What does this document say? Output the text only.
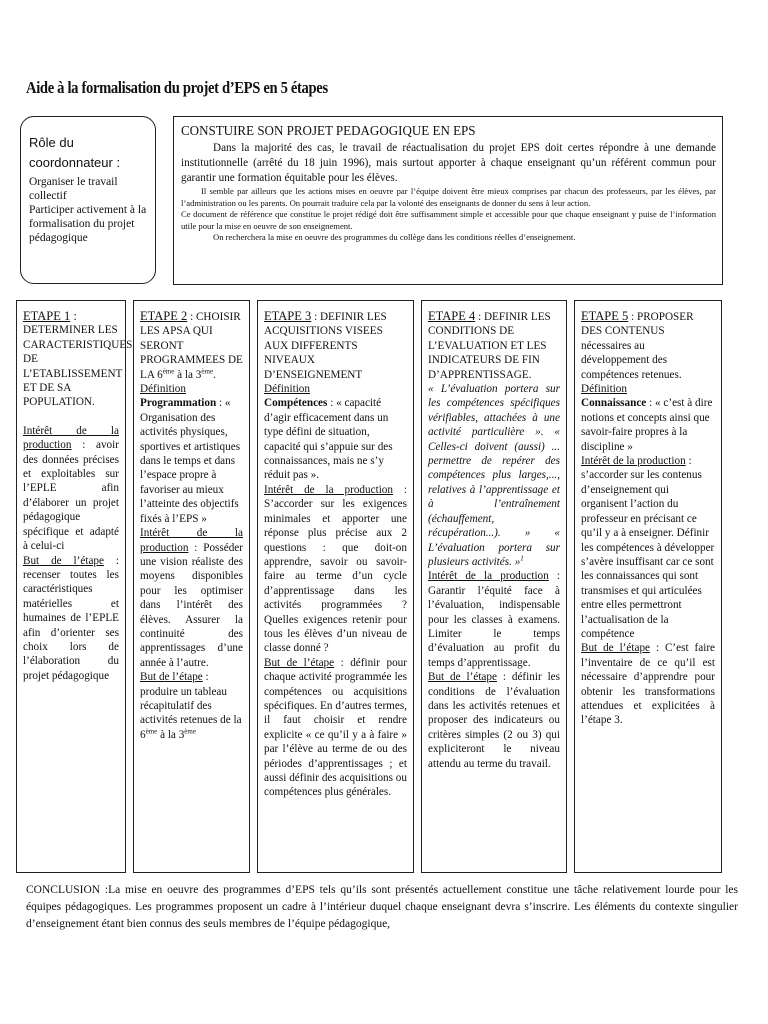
Aide à la formalisation du projet d’EPS en 5 étapes
Rôle du
coordonnateur :
Organiser le travail collectif
Participer activement à la
formalisation du projet
pédagogique
CONSTUIRE SON PROJET PEDAGOGIQUE EN EPS

Dans la majorité des cas, le travail de réactualisation du projet EPS doit certes répondre à une demande institutionnelle (arrêté du 18 juin 1996), mais surtout apporter à chaque enseignant qu’un référent commun pour garantir une formation équitable pour les élèves.

Il semble par ailleurs que les actions mises en oeuvre par l’équipe doivent être mieux comprises par chacun des professeurs, par les élèves, par l’administration ou les parents. On pourrait traduire cela par la volonté des enseignants de donner du sens à leur action.

Ce document de référence que constitue le projet rédigé doit être suffisamment simple et accessible pour que chaque enseignant y puise de l’information utile pour la mise en oeuvre de son enseignement.

On recherchera la mise en oeuvre des programmes du collège dans les conditions réelles d’enseignement.

ETAPE 1 :

DETERMINER LES

CARACTERISTIQUES

DE

L’ETABLISSEMENT

ET DE SA

POPULATION.

Intérêt de la production : avoir des données précises et exploitables sur l’EPLE afin d’élaborer un projet pédagogique spécifique et adapté à celui-ci

But de l’étape : recenser toutes les caractéristiques matérielles et humaines de l’EPLE afin d’orienter ses choix lors de l’élaboration du projet pédagogique

ETAPE 2 : CHOISIR LES APSA QUI SERONT PROGRAMMEES DE LA 6ème à la 3ème.

Définition

Programmation : « Organisation des activités physiques, sportives et artistiques dans le temps et dans l’espace propre à favoriser au mieux l’atteinte des objectifs fixés à l’EPS »

Intérêt de la production : Posséder une vision réaliste des moyens disponibles pour les optimiser dans l’intérêt des élèves. Assurer la continuité des apprentissages d’une année à l’autre.

But de l’étape : produire un tableau récapitulatif des activités retenues de la 6ème à la 3ème

ETAPE 3 : DEFINIR LES ACQUISITIONS VISEES AUX DIFFERENTS NIVEAUX D’ENSEIGNEMENT

Définition

Compétences : « capacité d’agir efficacement dans un type défini de situation, capacité qui s’appuie sur des connaissances, mais ne s’y réduit pas ».

Intérêt de la production : S’accorder sur les exigences minimales et apporter une réponse plus précise aux 2 questions : que doit-on apprendre, savoir ou savoir-faire au terme d’un cycle d’apprentissage dans les activités programmées ? Quelles exigences retenir pour tous les élèves d’un niveau de classe donné ?

But de l’étape : définir pour chaque activité programmée les compétences ou acquisitions spécifiques. En d’autres termes, il faut choisir et rendre explicite « ce qu’il y a à faire » par l’élève au terme de ou des périodes d’apprentissages ; et aussi définir des acquisitions ou compétences plus générales.

ETAPE 4 : DEFINIR LES CONDITIONS DE L’EVALUATION ET LES INDICATEURS DE FIN D’APPRENTISSAGE.

« L’évaluation portera sur les compétences spécifiques vérifiables, attachées à une activité particulière ». « Celles-ci doivent (aussi) ... permettre de repérer des compétences plus larges,..., relatives à l’apprentissage et à l’entraînement (échauffement, récupération...). » « L’évaluation portera sur plusieurs activités. »$^1$

Intérêt de la production : Garantir l’équité face à l’évaluation, indispensable pour les classes à examens. Limiter le temps d’évaluation au profit du temps d’apprentissage.

But de l’étape : définir les conditions de l’évaluation dans les activités retenues et proposer des indicateurs ou critères simples (2 ou 3) qui expliciteront le niveau attendu au terme du travail.

ETAPE 5 : PROPOSER DES CONTENUS nécessaires au développement des compétences retenues.

Définition

Connaissance : « c’est à dire notions et concepts ainsi que savoir-faire propres à la discipline »

Intérêt de la production : s’accorder sur les contenus d’enseignement qui organisent l’action du professeur en précisant ce qu’il y a à enseigner. Définir les compétences à développer s’avère insuffisant car ce sont les connaissances qui sont transmises et qui articulées entre elles permettront l’actualisation de la compétence

But de l’étape : C’est faire l’inventaire de ce qu’il est nécessaire d’apprendre pour obtenir les transformations attendues et explicitées à l’étape 3.

CONCLUSION :La mise en oeuvre des programmes d’EPS tels qu’ils sont présentés actuellement constitue une tâche relativement lourde pour les équipes pédagogiques. Les programmes proposent un cadre à l’intérieur duquel chaque enseignant devra s’inscrire. Les éléments du contexte singulier d’enseignement étant bien connus des seuls membres de l’équipe pédagogique,
